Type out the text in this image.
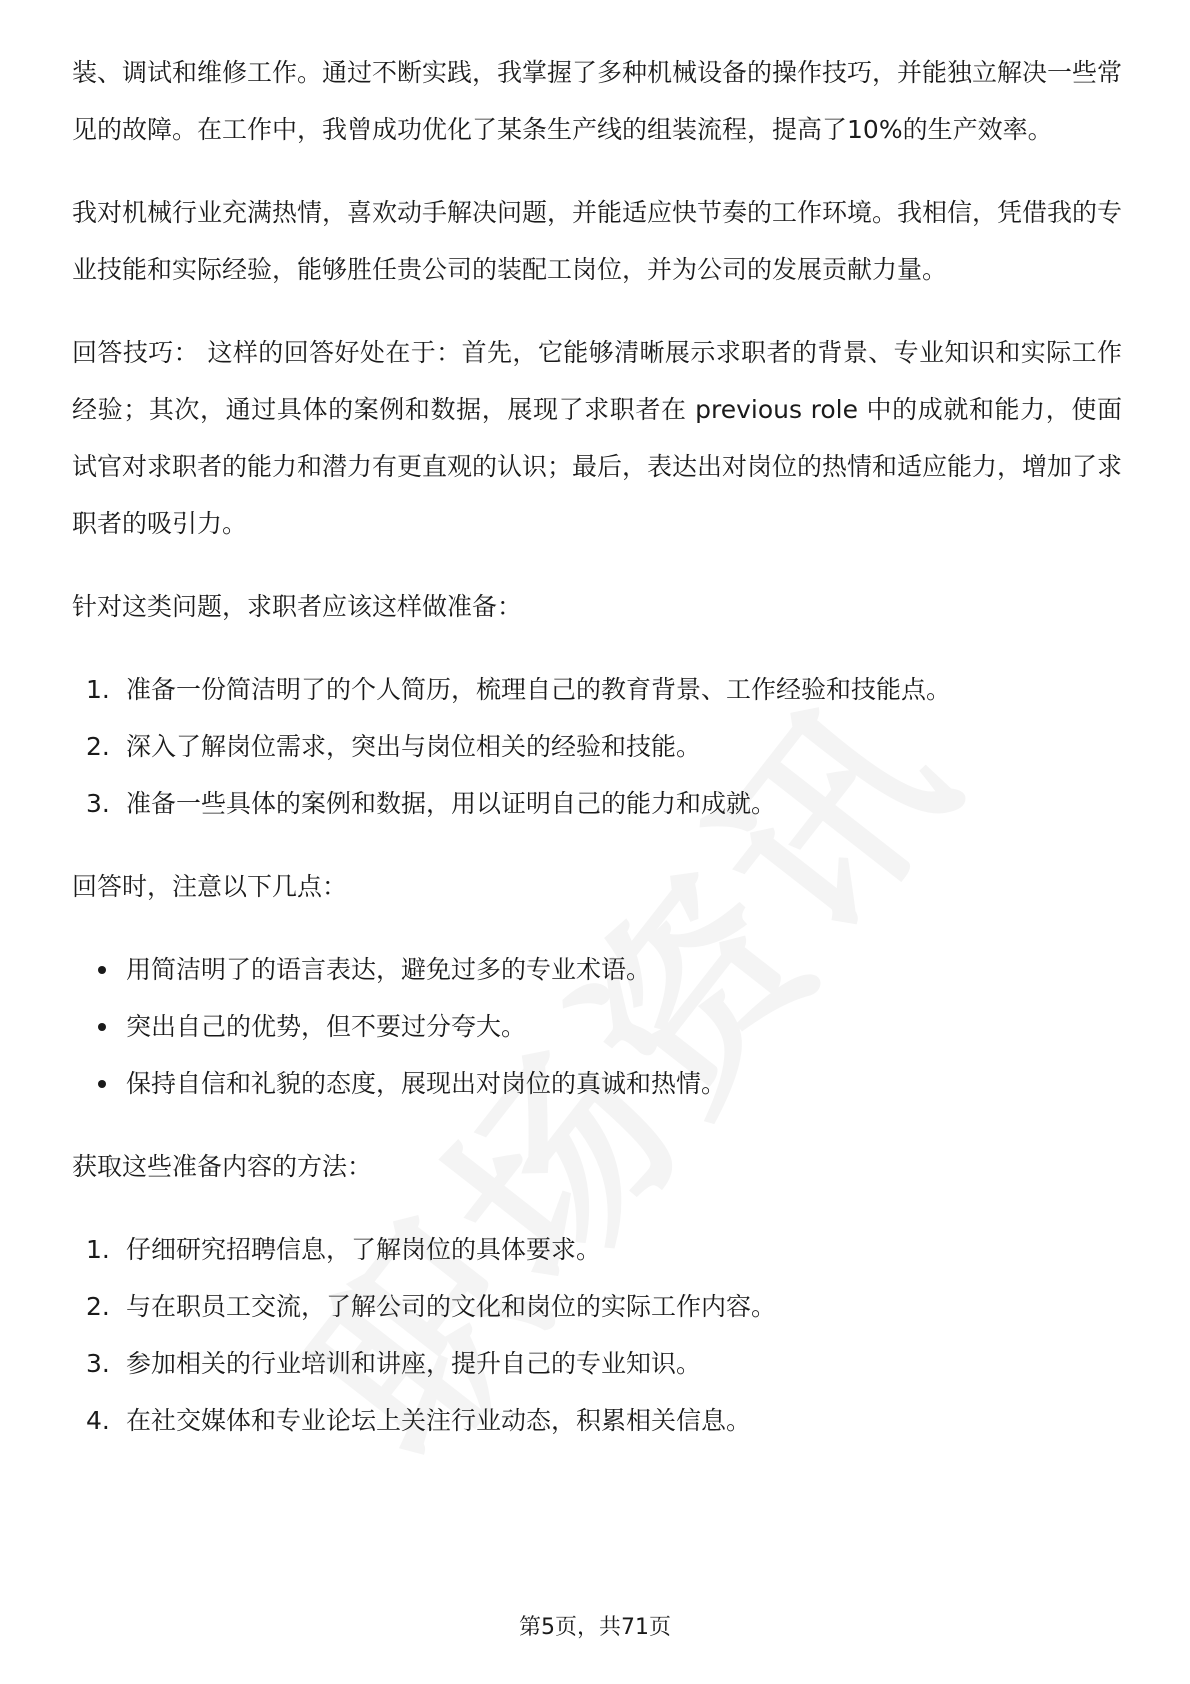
装、调试和维修工作。通过不断实践，我掌握了多种机械设备的操作技巧，并能独立解决一些常见的故障。在工作中，我曾成功优化了某条生产线的组装流程，提高了10%的生产效率。

我对机械行业充满热情，喜欢动手解决问题，并能适应快节奏的工作环境。我相信，凭借我的专业技能和实际经验，能够胜任贵公司的装配工岗位，并为公司的发展贡献力量。

回答技巧： 这样的回答好处在于：首先，它能够清晰展示求职者的背景、专业知识和实际工作经验；其次，通过具体的案例和数据，展现了求职者在 previous role 中的成就和能力，使面试官对求职者的能力和潜力有更直观的认识；最后，表达出对岗位的热情和适应能力，增加了求职者的吸引力。

针对这类问题，求职者应该这样做准备：

1. 准备一份简洁明了的个人简历，梳理自己的教育背景、工作经验和技能点。
2. 深入了解岗位需求，突出与岗位相关的经验和技能。
3. 准备一些具体的案例和数据，用以证明自己的能力和成就。

回答时，注意以下几点：

用简洁明了的语言表达，避免过多的专业术语。
突出自己的优势，但不要过分夸大。
保持自信和礼貌的态度，展现出对岗位的真诚和热情。

获取这些准备内容的方法：

1. 仔细研究招聘信息，了解岗位的具体要求。
2. 与在职员工交流，了解公司的文化和岗位的实际工作内容。
3. 参加相关的行业培训和讲座，提升自己的专业知识。
4. 在社交媒体和专业论坛上关注行业动态，积累相关信息。
第5页，共71页
